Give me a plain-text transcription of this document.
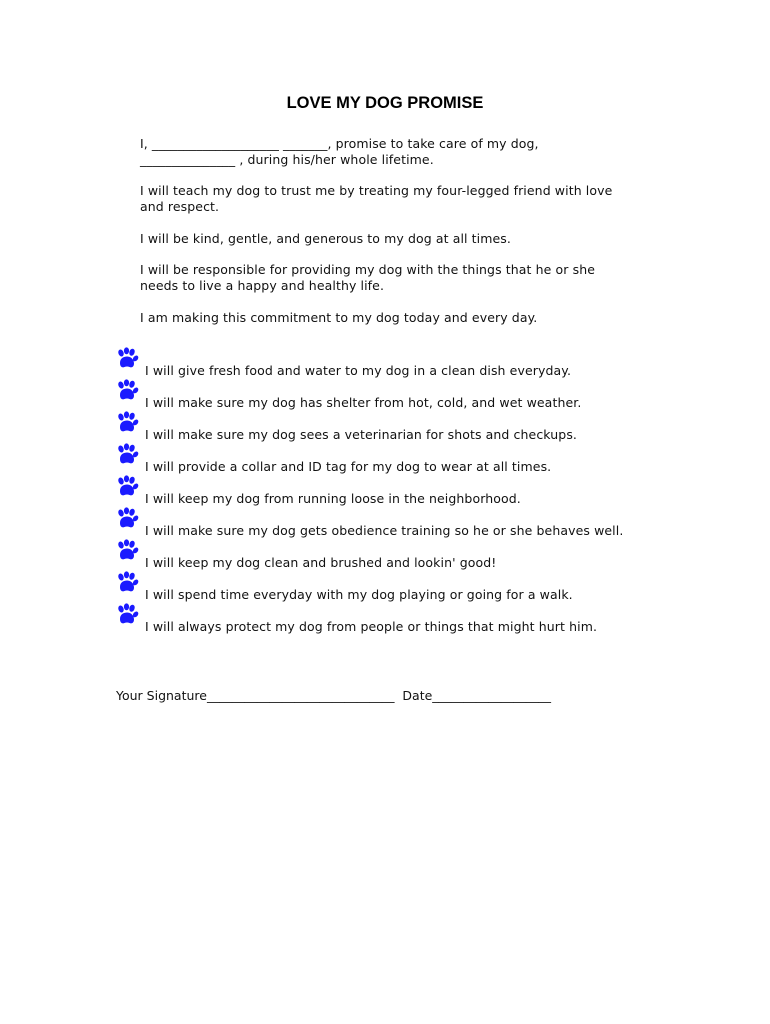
LOVE MY DOG PROMISE
I, ____________________ _______, promise to take care of my dog,
_______________ , during his/her whole lifetime.
I will teach my dog to trust me by treating my four-legged friend with love
and respect.
I will be kind, gentle, and generous to my dog at all times.
I will be responsible for providing my dog with the things that he or she
needs to live a happy and healthy life.
I am making this commitment to my dog today and every day.
I will give fresh food and water to my dog in a clean dish everyday.
I will make sure my dog has shelter from hot, cold, and wet weather.
I will make sure my dog sees a veterinarian for shots and checkups.
I will provide a collar and ID tag for my dog to wear at all times.
I will keep my dog from running loose in the neighborhood.
I will make sure my dog gets obedience training so he or she behaves well.
I will keep my dog clean and brushed and lookin' good!
I will spend time everyday with my dog playing or going for a walk.
I will always protect my dog from people or things that might hurt him.
Your Signature______________________________ Date___________________
